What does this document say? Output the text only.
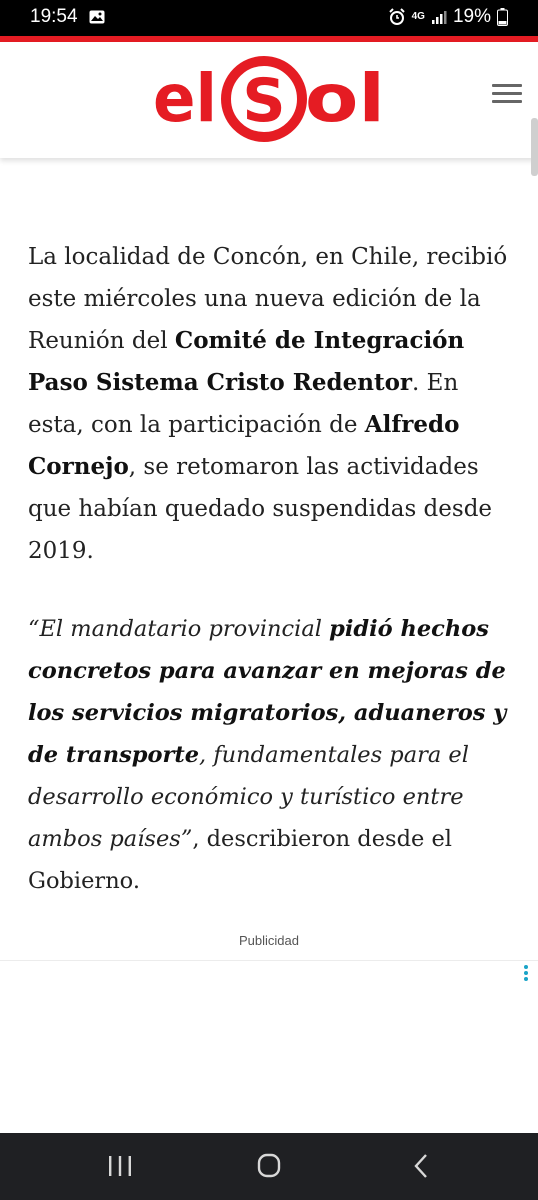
19:54	4G 19%
el ol
S

La localidad de Concón, en Chile, recibió este miércoles una nueva edición de la Reunión del Comité de Integración Paso Sistema Cristo Redentor. En esta, con la participación de Alfredo Cornejo, se retomaron las actividades que habían quedado suspendidas desde 2019.

“El mandatario provincial pidió hechos concretos para avanzar en mejoras de los servicios migratorios, aduaneros y de transporte, fundamentales para el desarrollo económico y turístico entre ambos países”, describieron desde el Gobierno.

Publicidad
